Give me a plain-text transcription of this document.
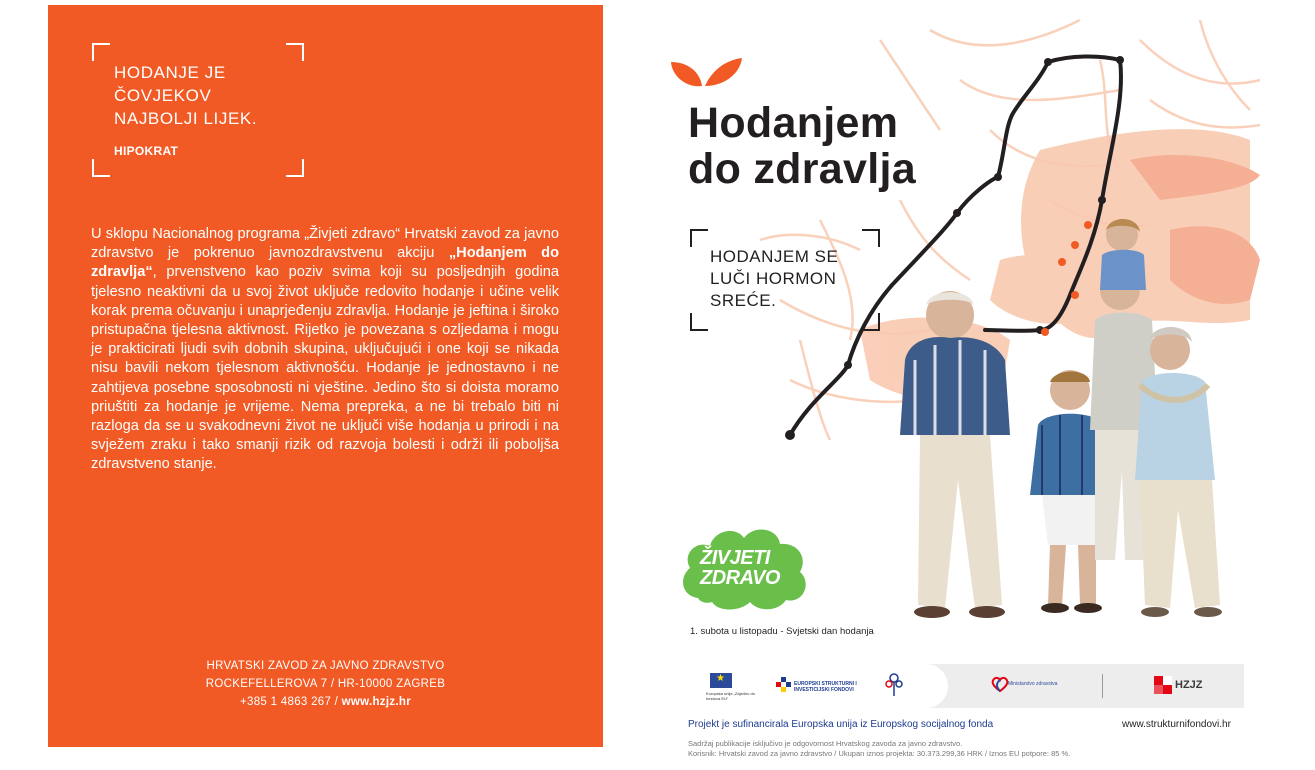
HODANJE JE
ČOVJEKOV
NAJBOLJI LIJEK.
HIPOKRAT

U sklopu Nacionalnog programa „Živjeti zdravo“ Hrvatski zavod za javno zdravstvo je pokrenuo javnozdravstvenu akciju „Hodanjem do zdravlja“, prvenstveno kao poziv svima koji su posljednjih godina tjelesno neaktivni da u svoj život uključe redovito hodanje i učine velik korak prema očuvanju i unaprjeđenju zdravlja. Hodanje je jeftina i široko pristupačna tjelesna aktivnost. Rijetko je povezana s ozljedama i mogu je prakticirati ljudi svih dobnih skupina, uključujući i one koji se nikada nisu bavili nekom tjelesnom aktivnošću. Hodanje je jednostavno i ne zahtijeva posebne sposobnosti ni vještine. Jedino što si doista moramo priuštiti za hodanje je vrijeme. Nema prepreka, a ne bi trebalo biti ni razloga da se u svakodnevni život ne uključi više hodanja u prirodi i na svježem zraku i tako smanji rizik od razvoja bolesti i održi ili poboljša zdravstveno stanje.

HRVATSKI ZAVOD ZA JAVNO ZDRAVSTVO
ROCKEFELLEROVA 7 / HR-10000 ZAGREB
+385 1 4863 267 / www.hzjz.hr
Hodanjem
do zdravlja
HODANJEM SE
LUČI HORMON
SREĆE.
ŽIVJETI
ZDRAVO
1. subota u listopadu - Svjetski dan hodanja
★
Europska unija „Zajedno do fondova EU“
EUROPSKI STRUKTURNI I INVESTICIJSKI FONDOVI
Ministarstvo zdravstva	HZJZ
Projekt je sufinancirala Europska unija iz Europskog socijalnog fonda	www.strukturnifondovi.hr
Sadržaj publikacije isključivo je odgovornost Hrvatskog zavoda za javno zdravstvo.
Korisnik: Hrvatski zavod za javno zdravstvo / Ukupan iznos projekta: 30.373.299,36 HRK / Iznos EU potpore: 85 %.
